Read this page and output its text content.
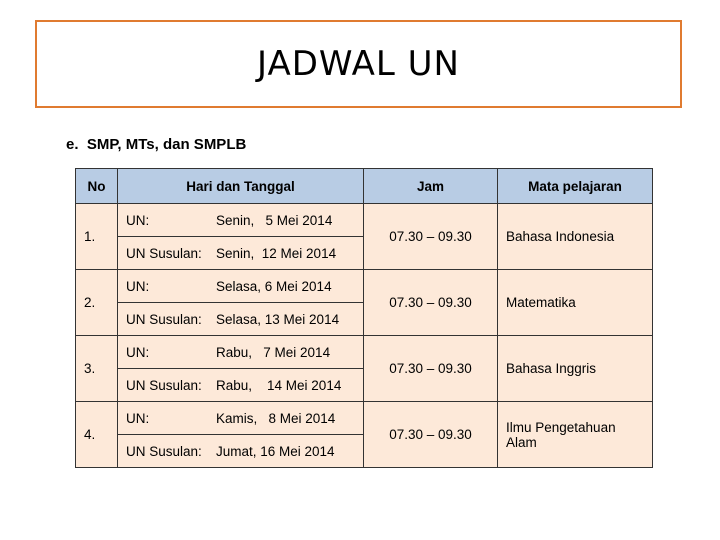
JADWAL UN
e.  SMP, MTs, dan SMPLB
No	Hari dan Tanggal	Jam	Mata pelajaran
1.	UN: Senin,   5 Mei 2014	07.30 – 09.30	Bahasa Indonesia
	UN Susulan: Senin,  12 Mei 2014		
2.	UN: Selasa, 6 Mei 2014	07.30 – 09.30	Matematika
	UN Susulan: Selasa, 13 Mei 2014		
3.	UN: Rabu,   7 Mei 2014	07.30 – 09.30	Bahasa Inggris
	UN Susulan: Rabu,    14 Mei 2014		
4.	UN: Kamis,   8 Mei 2014	07.30 – 09.30	Ilmu Pengetahuan Alam
	UN Susulan: Jumat, 16 Mei 2014		
